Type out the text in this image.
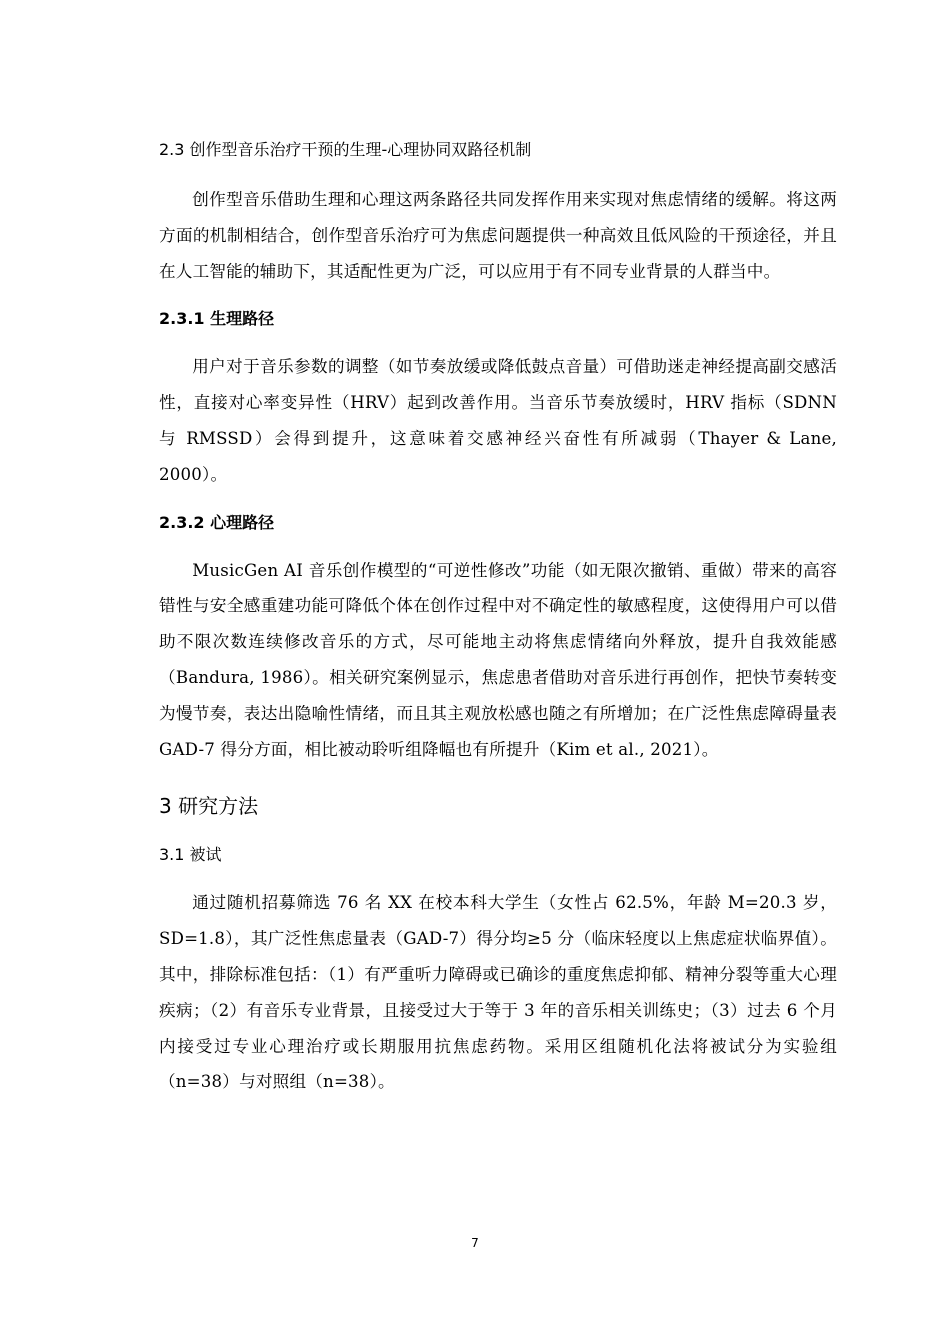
2.3 创作型音乐治疗干预的生理-心理协同双路径机制

创作型音乐借助生理和心理这两条路径共同发挥作用来实现对焦虑情绪的缓解。将这两方面的机制相结合，创作型音乐治疗可为焦虑问题提供一种高效且低风险的干预途径，并且在人工智能的辅助下，其适配性更为广泛，可以应用于有不同专业背景的人群当中。

2.3.1 生理路径

用户对于音乐参数的调整（如节奏放缓或降低鼓点音量）可借助迷走神经提高副交感活性，直接对心率变异性（HRV）起到改善作用。当音乐节奏放缓时，HRV 指标（SDNN 与 RMSSD）会得到提升，这意味着交感神经兴奋性有所减弱（Thayer & Lane, 2000）。

2.3.2 心理路径

MusicGen AI 音乐创作模型的“可逆性修改”功能（如无限次撤销、重做）带来的高容错性与安全感重建功能可降低个体在创作过程中对不确定性的敏感程度，这使得用户可以借助不限次数连续修改音乐的方式，尽可能地主动将焦虑情绪向外释放，提升自我效能感（Bandura, 1986）。相关研究案例显示，焦虑患者借助对音乐进行再创作，把快节奏转变为慢节奏，表达出隐喻性情绪，而且其主观放松感也随之有所增加；在广泛性焦虑障碍量表 GAD-7 得分方面，相比被动聆听组降幅也有所提升（Kim et al., 2021）。

3 研究方法
3.1 被试

通过随机招募筛选 76 名 XX 在校本科大学生（女性占 62.5%，年龄 M=20.3 岁，SD=1.8），其广泛性焦虑量表（GAD-7）得分均≥5 分（临床轻度以上焦虑症状临界值）。其中，排除标准包括：（1）有严重听力障碍或已确诊的重度焦虑抑郁、精神分裂等重大心理疾病；（2）有音乐专业背景，且接受过大于等于 3 年的音乐相关训练史；（3）过去 6 个月内接受过专业心理治疗或长期服用抗焦虑药物。采用区组随机化法将被试分为实验组（n=38）与对照组（n=38）。

7
